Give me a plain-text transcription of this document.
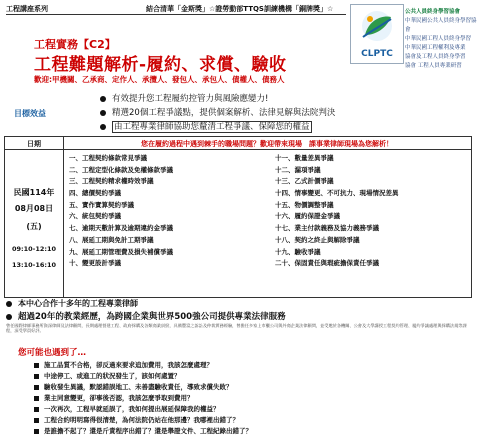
工程講座系列	結合清華「金斯獎」☆證勞動部TTQS訓練機構「銅牌獎」☆
CLPTC
公共人員終身學習協會
中華民國公共人員終身學習協會
中華民國工程人員終身學習
中華民國工程權利及專業
協會及工程人員終身學習
協會 工程人員專業研習
工程實務【C2】
工程難題解析-履約、求償、驗收
歡迎:甲機關、乙承商、定作人、承攬人、發包人、承包人、債權人、債務人
目標效益
有效提升您工程履約控管力與風險應變力!
精選20個工程爭議點，提供個案解析、法律見解與法院判決
由工程專業律師協助您釐清工程爭議、保障您的權益
日期	您在履約過程中遇到棘手的職場問題？歡迎帶來現場　課事業律師現場為您解析！
民國114年
08月08日
(五)
09:10-12:10
13:10-16:10
一、工程契約條款常見爭議
二、工程定型化條款及免權條款爭議
三、工程契約精求權時效爭議
四、總價契約爭議
五、實作實算契約爭議
六、統包契約爭議
七、逾期天數計算及逾期違約金爭議
八、展延工期與免計工期爭議
九、展延工期管理費及損失補償爭議
十、變更設計爭議
十一、數量差異爭議
十二、漏項爭議
十三、乙式計價爭議
十四、情事變更、不可抗力、現場情況差異
十五、物價調整爭議
十六、履約保證金爭議
十七、業主付款義務及協力義務爭議
十八、契約之終止與解除爭議
十九、驗收爭議
二十、保固責任與瑕疵擔保責任爭議
本中心合作十多年的工程專業律師
超過20年的教業經歷，為跨國企業與世界500強公司提供專業法律服務
曾任國際律師事務所資深律師及法律顧問，長期處理營建工程、政府採購及各類商業糾紛，具備豐富之訴訟及仲裁實務經驗，曾擔任多家上市櫃公司與外商企業法律顧問，並受邀於各機關、公會及大學講授工程契約管理、履約爭議處理與採購法規等課程，深受學員好評。
您可能也遇到了…
施工品質不合格，卻反過來要求追加費用，我該怎麼處理？
中途停工、或進工的狀況發生了，該如何處置？
驗收發生異議，默認錯誤地工、未善盡驗收責任，導致求償失敗？
業主同意變更，卻事後否認，我該怎麼爭取到費用？
一次再次，工程早就延誤了，我如何提出展延保障我的權益？
工程合約明明寫得很清楚，為何法院仍站在他那邊？我哪裡出錯了？
是誰擔不起了？還是斤責程序出錯了？還是舉證文件、工程紀錄出錯了？
